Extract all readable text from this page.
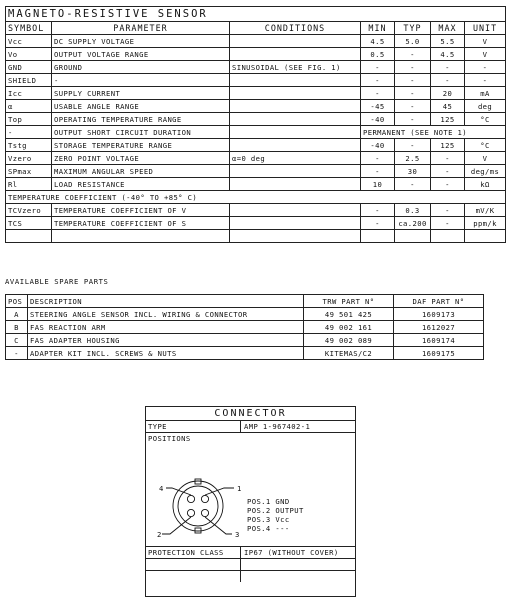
MAGNETO-RESISTIVE SENSOR						
SYMBOL	PARAMETER	CONDITIONS	MIN	TYP	MAX	UNIT
Vcc	DC SUPPLY VOLTAGE		4.5	5.0	5.5	V
Vo	OUTPUT VOLTAGE RANGE		0.5	-	4.5	V
GND	GROUND	SINUSOIDAL (SEE FIG. 1)	-	-	-	-
SHIELD	-		-	-	-	-
Icc	SUPPLY CURRENT		-	-	20	mA
α	USABLE ANGLE RANGE		-45	-	45	deg
Top	OPERATING TEMPERATURE RANGE		-40	-	125	°C
-	OUTPUT SHORT CIRCUIT DURATION		PERMANENT (SEE NOTE 1)			
Tstg	STORAGE TEMPERATURE RANGE		-40	-	125	°C
Vzero	ZERO POINT VOLTAGE	α=0 deg	-	2.5	-	V
SPmax	MAXIMUM ANGULAR SPEED		-	30	-	deg/ms
Rl	LOAD RESISTANCE		10	-	-	kΩ
TEMPERATURE COEFFICIENT (-40° TO +85° C)						
TCVzero	TEMPERATURE COEFFICIENT OF V		-	0.3	-	mV/K
TCS	TEMPERATURE COEFFICIENT OF S		-	ca.200	-	ppm/k

AVAILABLE SPARE PARTS
POS	DESCRIPTION	TRW PART N°	DAF PART N°
A	STEERING ANGLE SENSOR INCL. WIRING & CONNECTOR	49 501 425	1609173
B	FAS REACTION ARM	49 002 161	1612027
C	FAS ADAPTER HOUSING	49 002 089	1609174
-	ADAPTER KIT INCL. SCREWS & NUTS	KITEMAS/C2	1609175
CONNECTOR
TYPE	AMP 1-967402-1
POSITIONS
1
2	3
4
POS.1 GND
POS.2 OUTPUT
POS.3 Vcc
POS.4 ---
PROTECTION CLASS	IP67 (WITHOUT COVER)
